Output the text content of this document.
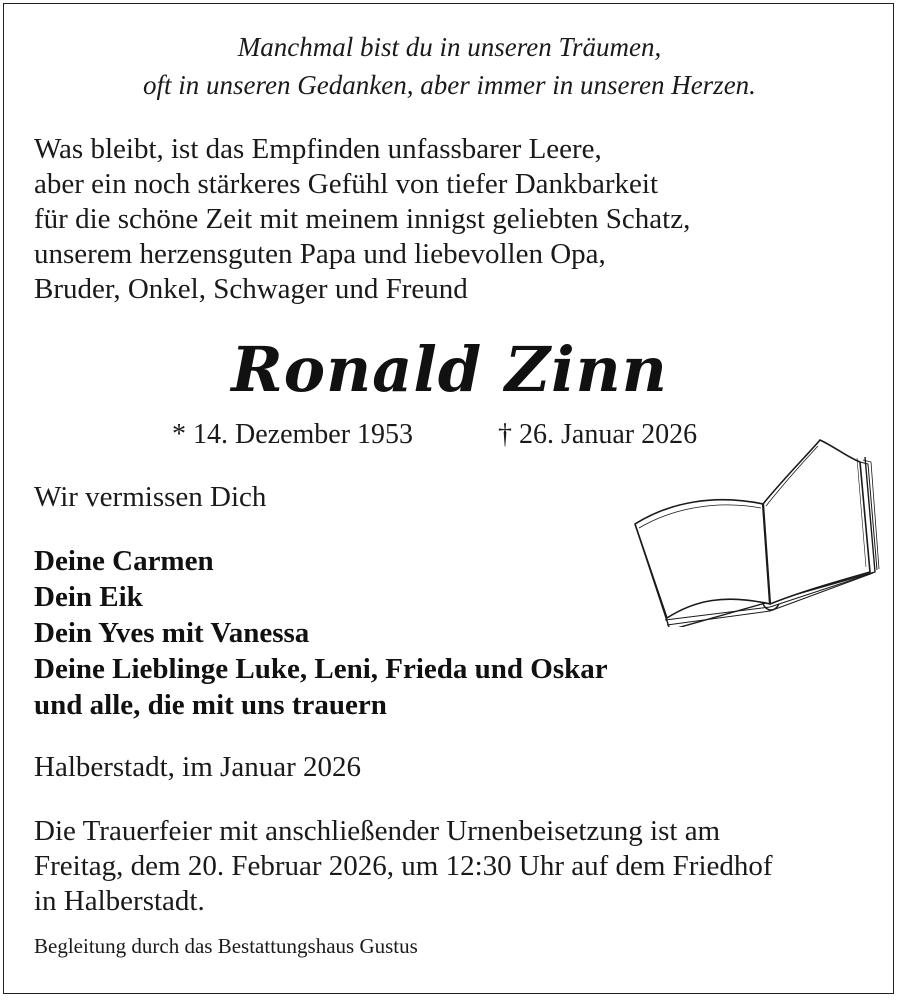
Manchmal bist du in unseren Träumen,
oft in unseren Gedanken, aber immer in unseren Herzen.
Was bleibt, ist das Empfinden unfassbarer Leere,
aber ein noch stärkeres Gefühl von tiefer Dankbarkeit
für die schöne Zeit mit meinem innigst geliebten Schatz,
unserem herzensguten Papa und liebevollen Opa,
Bruder, Onkel, Schwager und Freund
Ronald Zinn
* 14. Dezember 1953	† 26. Januar 2026
Wir vermissen Dich
Deine Carmen
Dein Eik
Dein Yves mit Vanessa
Deine Lieblinge Luke, Leni, Frieda und Oskar
und alle, die mit uns trauern
Halberstadt, im Januar 2026
Die Trauerfeier mit anschließender Urnenbeisetzung ist am
Freitag, dem 20. Februar 2026, um 12:30 Uhr auf dem Friedhof
in Halberstadt.
Begleitung durch das Bestattungshaus Gustus
